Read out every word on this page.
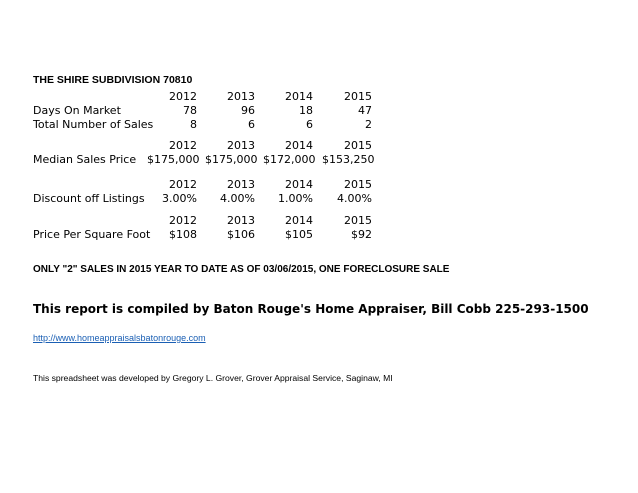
THE SHIRE SUBDIVISION 70810
2012	2013	2014	2015
Days On Market	78	96	18	47
Total Number of Sales	8	6	6	2
2012	2013	2014	2015
Median Sales Price $175,000 $175,000 $172,000 $153,250
2012	2013	2014	2015
Discount off Listings	3.00%	4.00%	1.00%	4.00%
2012	2013	2014	2015
Price Per Square Foot	$108	$106	$105	$92
ONLY "2" SALES IN 2015 YEAR TO DATE AS OF 03/06/2015, ONE FORECLOSURE SALE
This report is compiled by Baton Rouge's Home Appraiser, Bill Cobb 225-293-1500
http://www.homeappraisalsbatonrouge.com
This spreadsheet was developed by Gregory L. Grover, Grover Appraisal Service, Saginaw, MI
